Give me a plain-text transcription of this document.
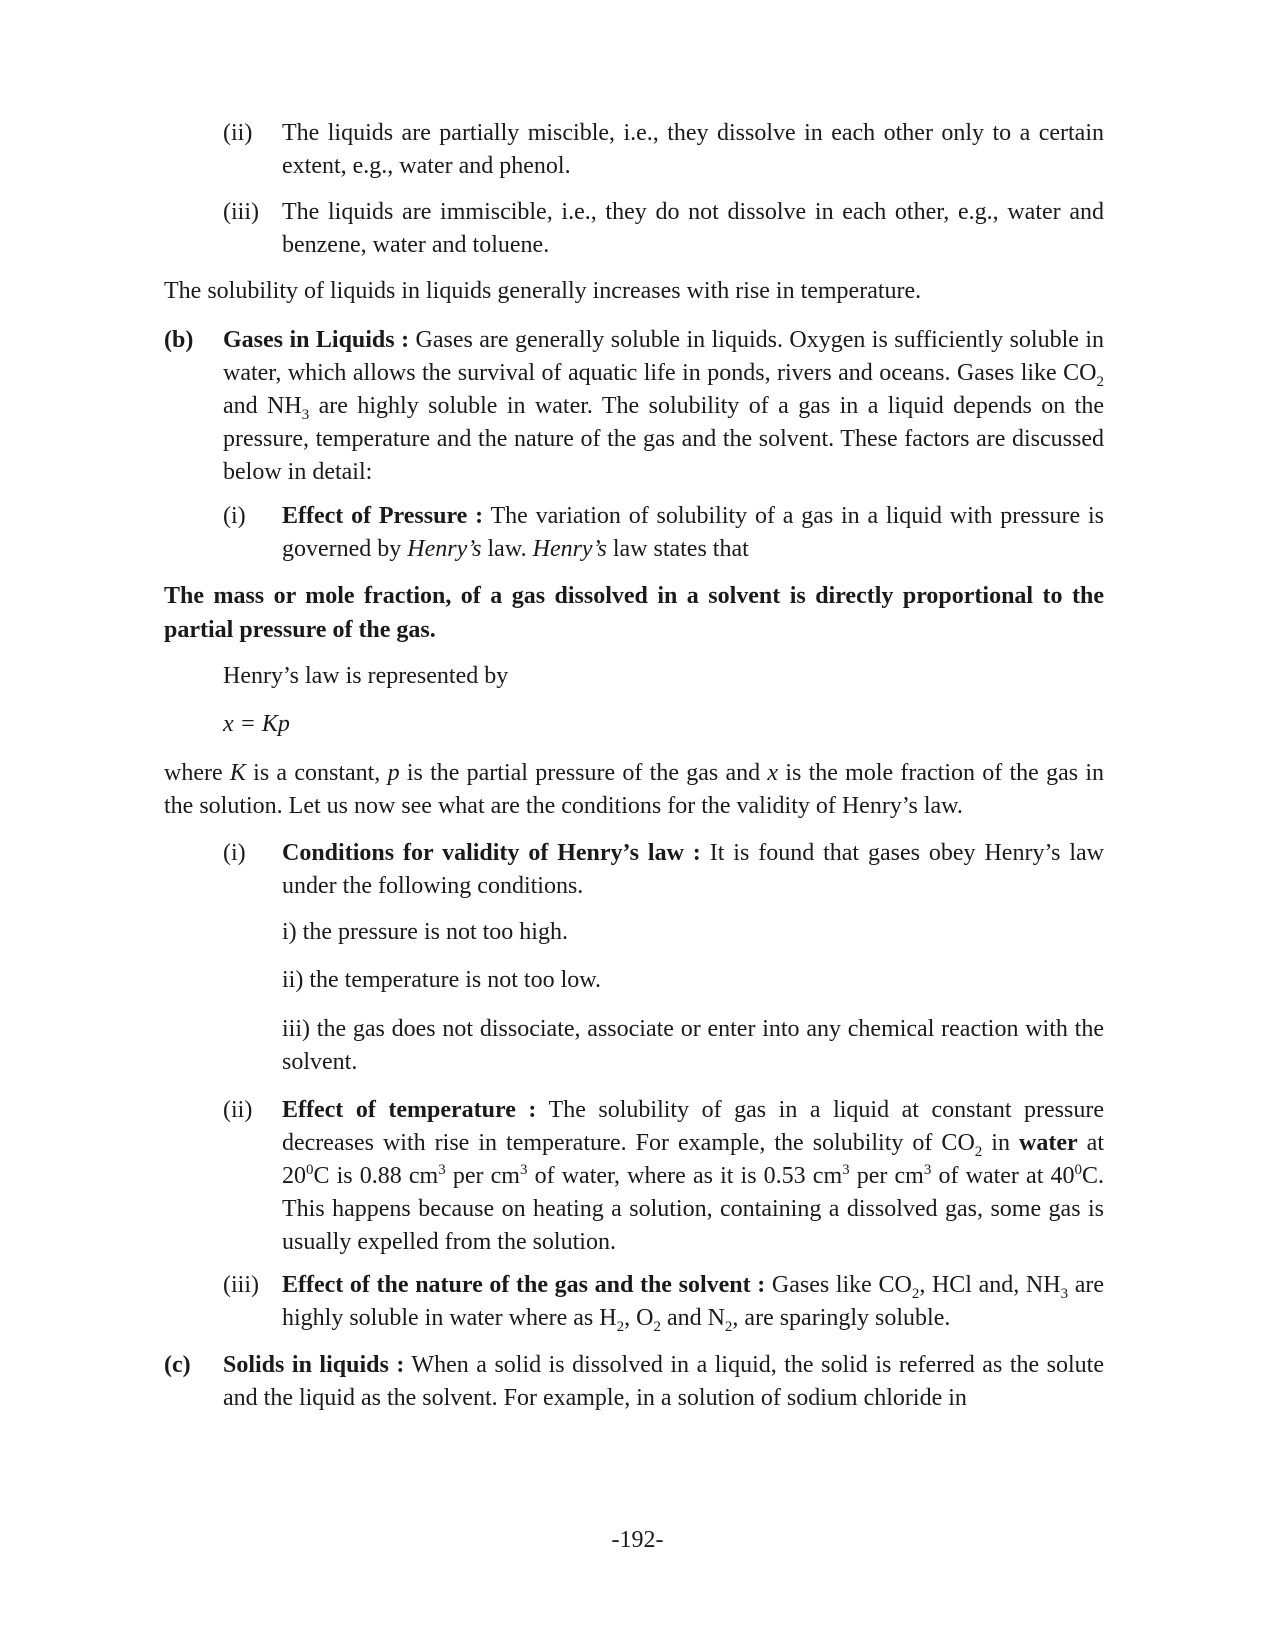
(ii) The liquids are partially miscible, i.e., they dissolve in each other only to a certain extent, e.g., water and phenol.
(iii) The liquids are immiscible, i.e., they do not dissolve in each other, e.g., water and benzene, water and toluene.
The solubility of liquids in liquids generally increases with rise in temperature.
(b) Gases in Liquids : Gases are generally soluble in liquids. Oxygen is sufficiently soluble in water, which allows the survival of aquatic life in ponds, rivers and oceans. Gases like $CO_2$ and $NH_3$ are highly soluble in water. The solubility of a gas in a liquid depends on the pressure, temperature and the nature of the gas and the solvent. These factors are discussed below in detail:
(i) Effect of Pressure : The variation of solubility of a gas in a liquid with pressure is governed by Henry’s law. Henry’s law states that
The mass or mole fraction, of a gas dissolved in a solvent is directly proportional to the partial pressure of the gas.
Henry’s law is represented by
x = Kp
where K is a constant, p is the partial pressure of the gas and x is the mole fraction of the gas in the solution. Let us now see what are the conditions for the validity of Henry’s law.
(i) Conditions for validity of Henry’s law : It is found that gases obey Henry’s law under the following conditions.
i) the pressure is not too high.
ii) the temperature is not too low.
iii) the gas does not dissociate, associate or enter into any chemical reaction with the solvent.
(ii) Effect of temperature : The solubility of gas in a liquid at constant pressure decreases with rise in temperature. For example, the solubility of $CO_2$ in water at $20^0C$ is 0.88 $cm^3$ per $cm^3$ of water, where as it is 0.53 $cm^3$ per $cm^3$ of water at $40^0C$. This happens because on heating a solution, containing a dissolved gas, some gas is usually expelled from the solution.
(iii) Effect of the nature of the gas and the solvent : Gases like $CO_2$, HCl and, $NH_3$ are highly soluble in water where as $H_2$, $O_2$ and $N_2$, are sparingly soluble.
(c) Solids in liquids : When a solid is dissolved in a liquid, the solid is referred as the solute and the liquid as the solvent. For example, in a solution of sodium chloride in
-192-
